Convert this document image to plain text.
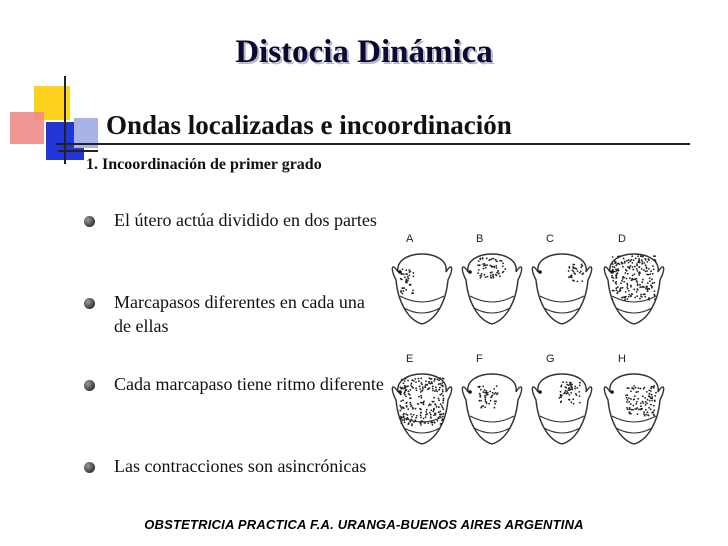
Distocia Dinámica
Ondas localizadas e incoordinación
1. Incoordinación de primer grado
El útero actúa dividido en dos partes
Marcapasos diferentes en cada una de ellas
Cada marcapaso tiene ritmo diferente
Las contracciones son asincrónicas
A	B	C	D
E	F	G	H
OBSTETRICIA PRACTICA F.A. URANGA-BUENOS AIRES ARGENTINA
